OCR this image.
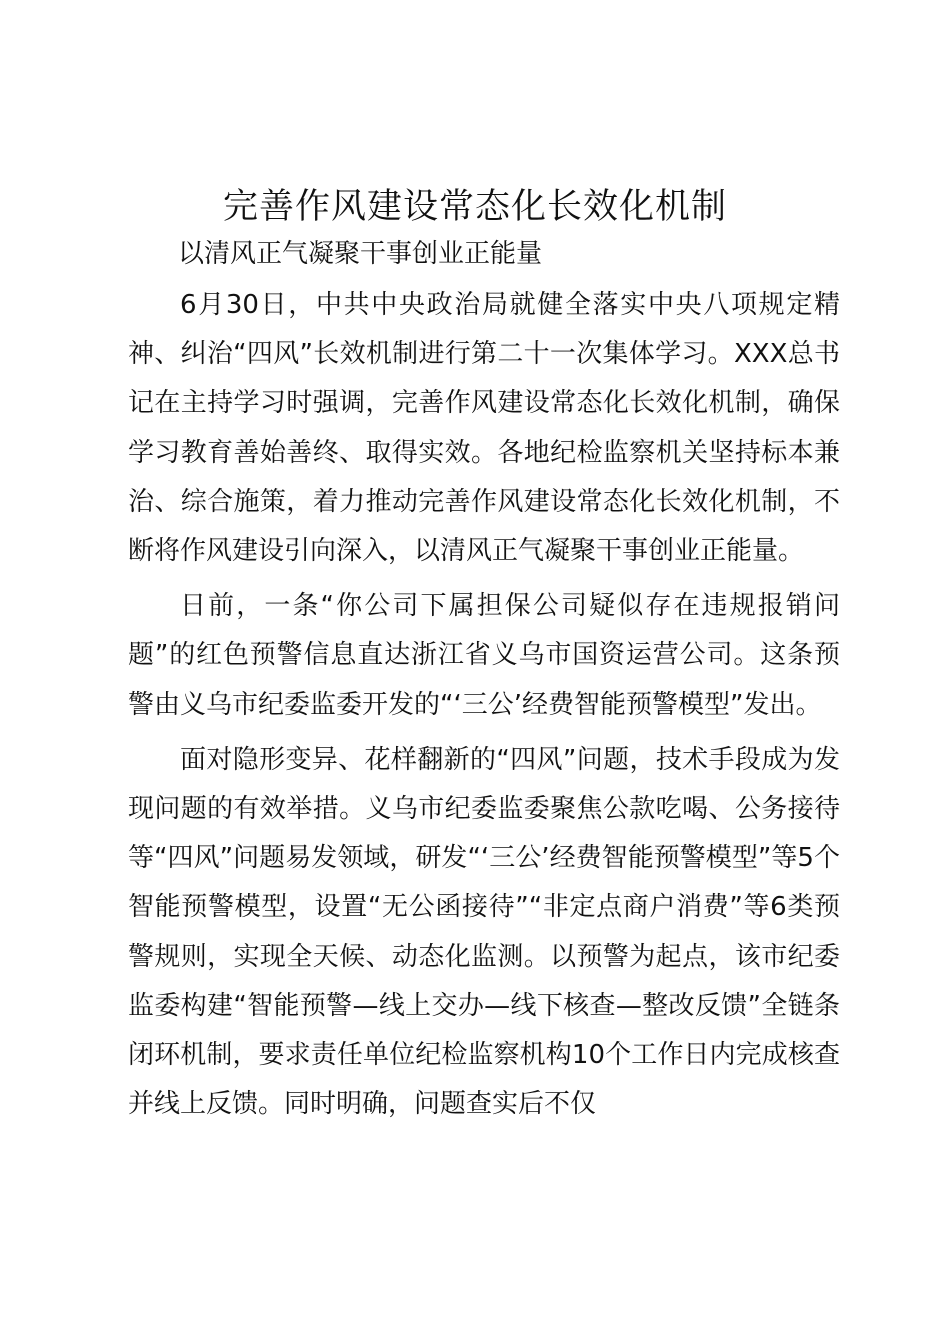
完善作风建设常态化长效化机制
以清风正气凝聚干事创业正能量

6月30日，中共中央政治局就健全落实中央八项规定精神、纠治“四风”长效机制进行第二十一次集体学习。XXX总书记在主持学习时强调，完善作风建设常态化长效化机制，确保学习教育善始善终、取得实效。各地纪检监察机关坚持标本兼治、综合施策，着力推动完善作风建设常态化长效化机制，不断将作风建设引向深入，以清风正气凝聚干事创业正能量。

日前，一条“你公司下属担保公司疑似存在违规报销问题”的红色预警信息直达浙江省义乌市国资运营公司。这条预警由义乌市纪委监委开发的“‘三公’经费智能预警模型”发出。

面对隐形变异、花样翻新的“四风”问题，技术手段成为发现问题的有效举措。义乌市纪委监委聚焦公款吃喝、公务接待等“四风”问题易发领域，研发“‘三公’经费智能预警模型”等5个智能预警模型，设置“无公函接待”“非定点商户消费”等6类预警规则，实现全天候、动态化监测。以预警为起点，该市纪委监委构建“智能预警—线上交办—线下核查—整改反馈”全链条闭环机制，要求责任单位纪检监察机构10个工作日内完成核查并线上反馈。同时明确，问题查实后不仅
